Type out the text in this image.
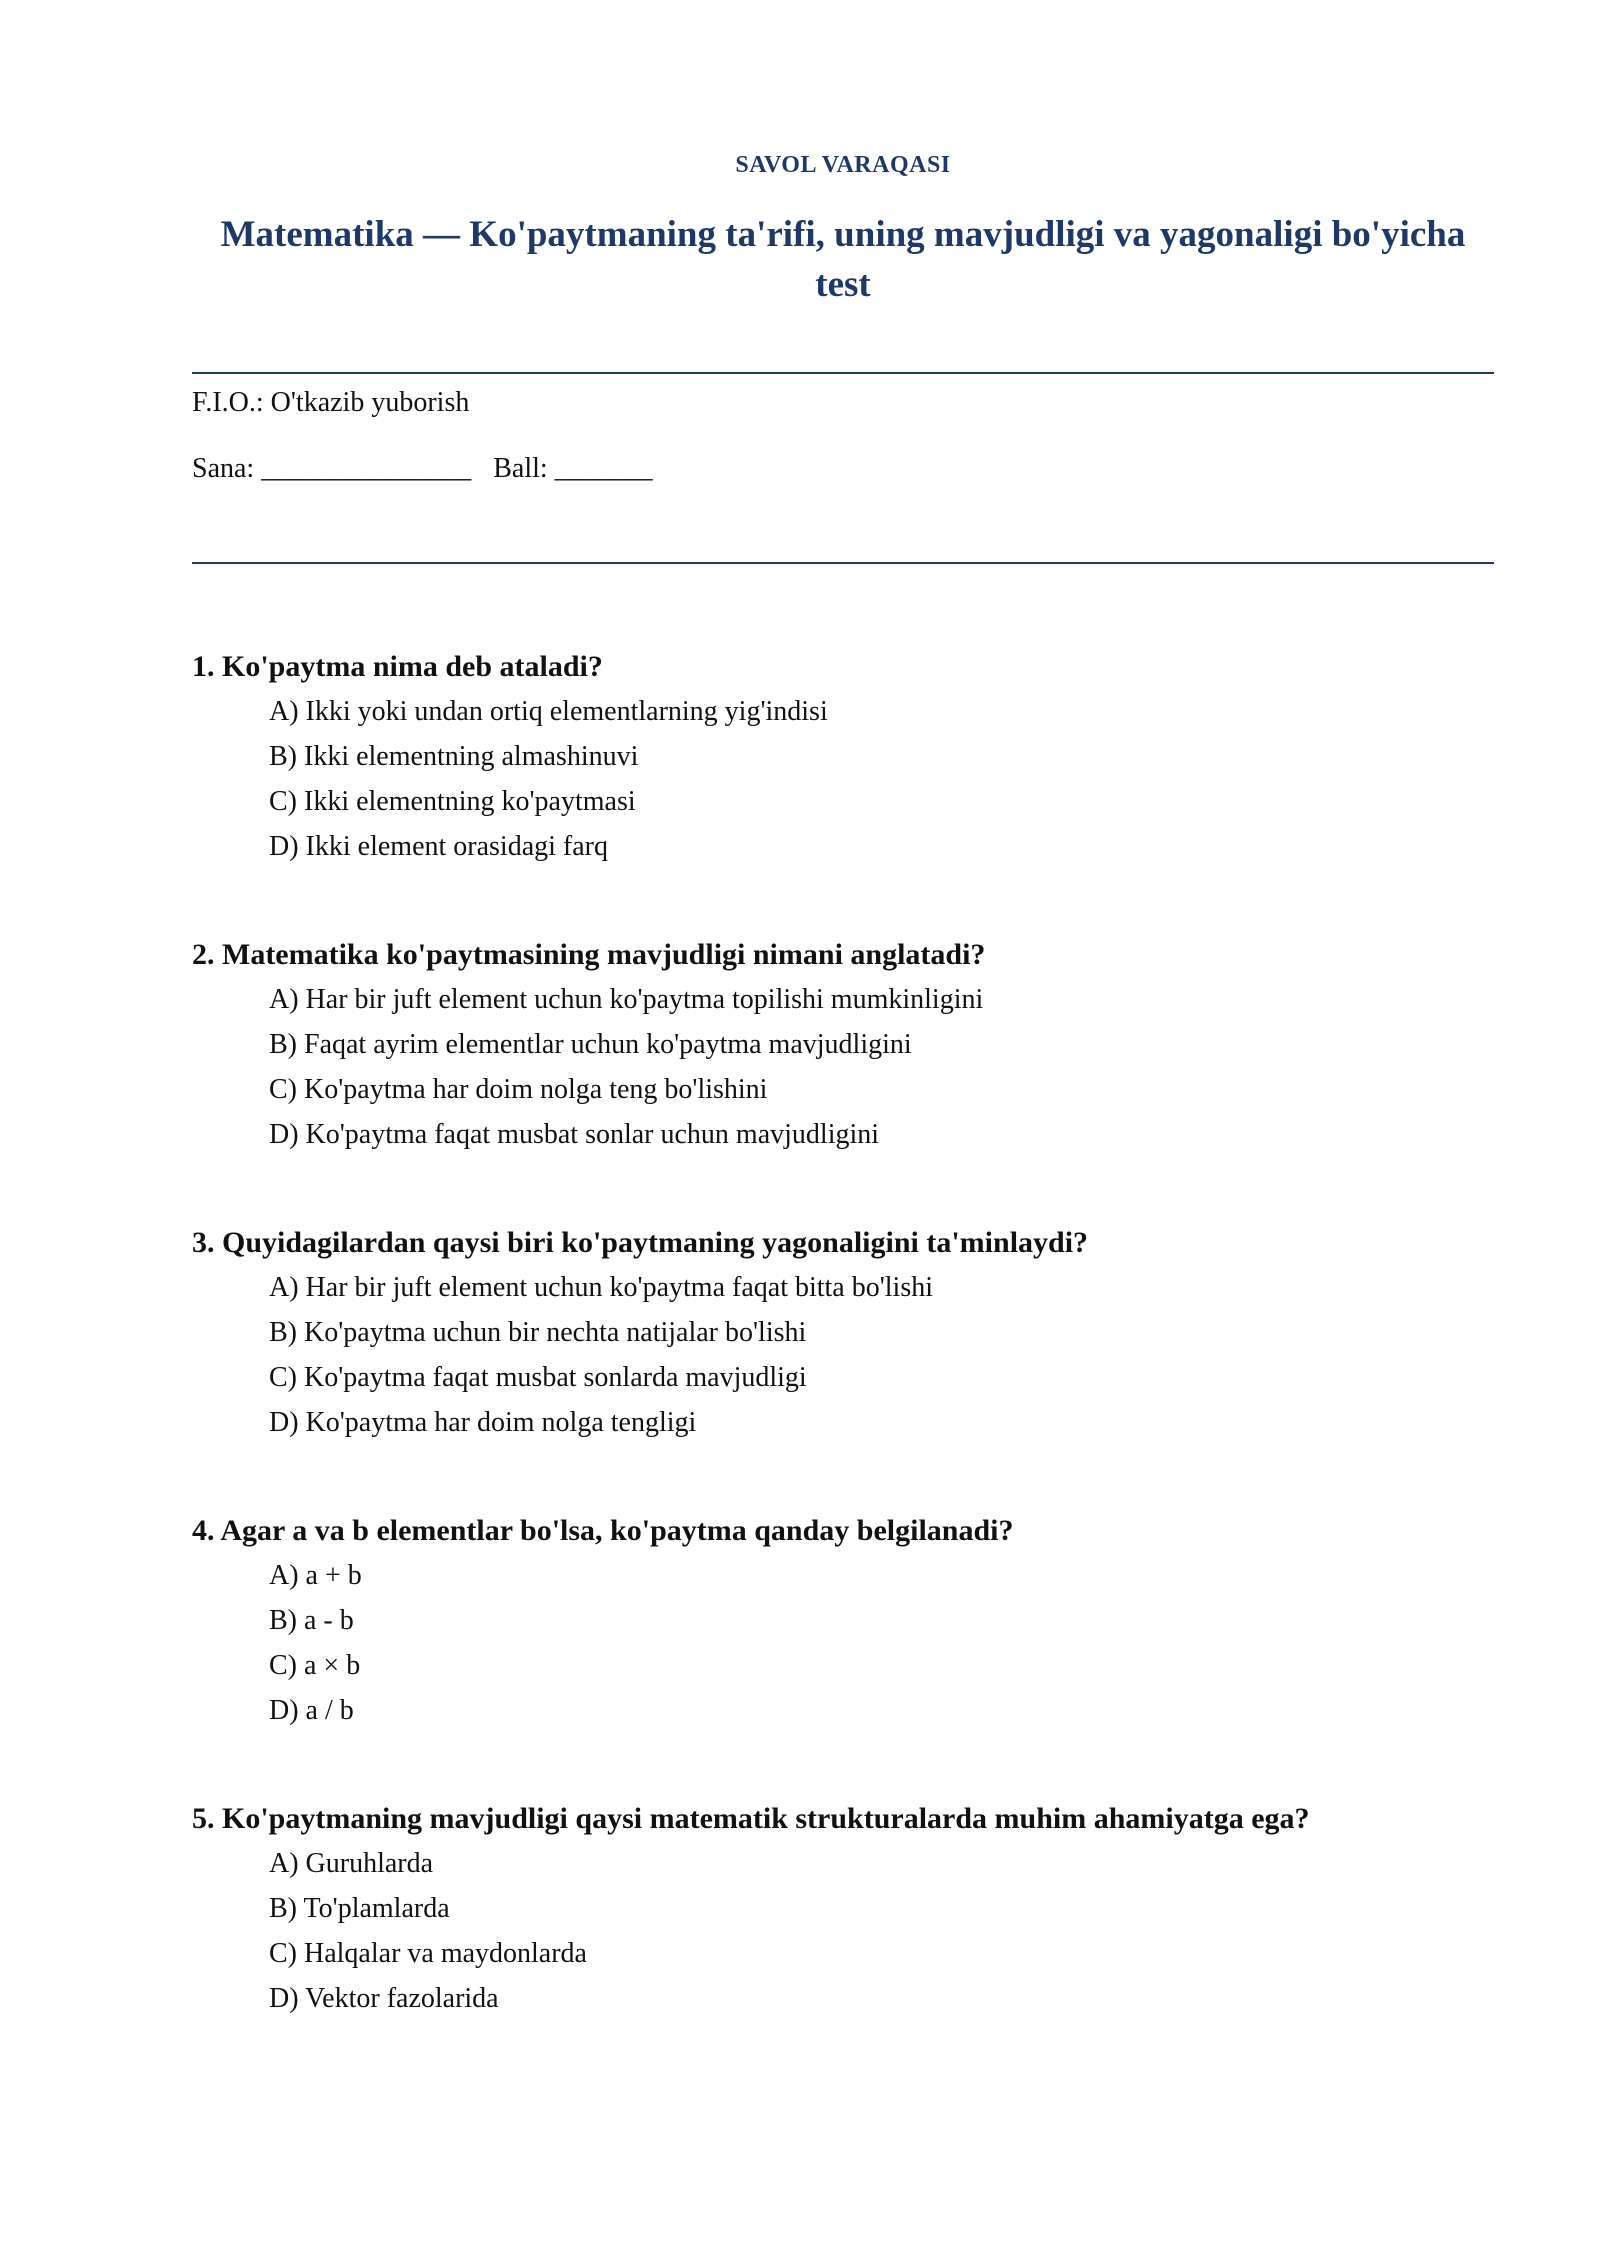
SAVOL VARAQASI
Matematika — Ko'paytmaning ta'rifi, uning mavjudligi va yagonaligi bo'yicha test
F.I.O.: O'tkazib yuborish
Sana: _______________ Ball: _______
1. Ko'paytma nima deb ataladi?
A) Ikki yoki undan ortiq elementlarning yig'indisi
B) Ikki elementning almashinuvi
C) Ikki elementning ko'paytmasi
D) Ikki element orasidagi farq
2. Matematika ko'paytmasining mavjudligi nimani anglatadi?
A) Har bir juft element uchun ko'paytma topilishi mumkinligini
B) Faqat ayrim elementlar uchun ko'paytma mavjudligini
C) Ko'paytma har doim nolga teng bo'lishini
D) Ko'paytma faqat musbat sonlar uchun mavjudligini
3. Quyidagilardan qaysi biri ko'paytmaning yagonaligini ta'minlaydi?
A) Har bir juft element uchun ko'paytma faqat bitta bo'lishi
B) Ko'paytma uchun bir nechta natijalar bo'lishi
C) Ko'paytma faqat musbat sonlarda mavjudligi
D) Ko'paytma har doim nolga tengligi
4. Agar a va b elementlar bo'lsa, ko'paytma qanday belgilanadi?
A) a + b
B) a - b
C) a × b
D) a / b
5. Ko'paytmaning mavjudligi qaysi matematik strukturalarda muhim ahamiyatga ega?
A) Guruhlarda
B) To'plamlarda
C) Halqalar va maydonlarda
D) Vektor fazolarida
